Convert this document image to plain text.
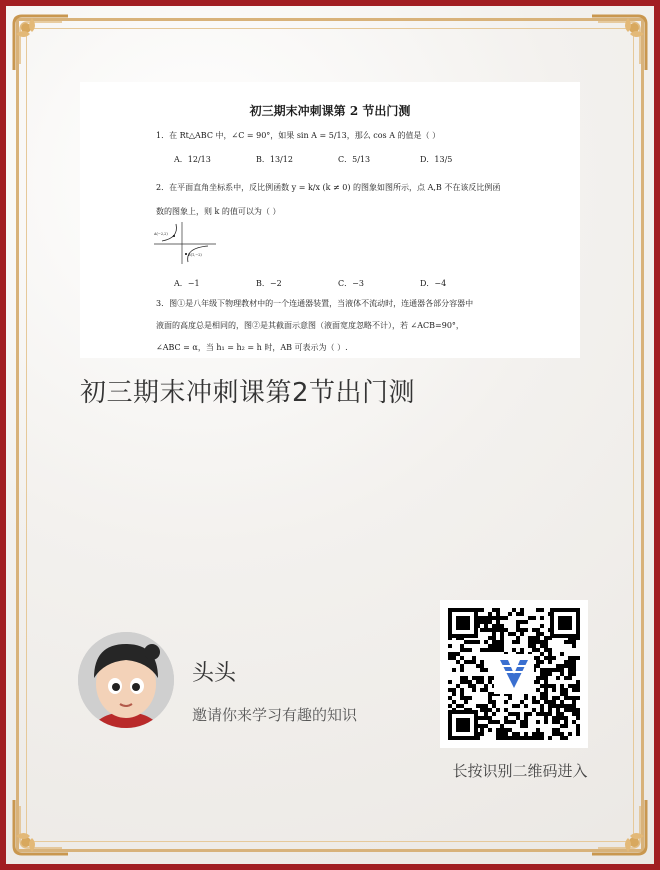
初三期末冲刺课第 2 节出门测
1．在 Rt△ABC 中，∠C = 90°，如果 sin A = 5/13，那么 cos A 的值是（ ）
A．12/13	B．13/12	C．5/13	D．13/5
2．在平面直角坐标系中，反比例函数 y = k/x (k ≠ 0) 的图象如图所示，点 A,B 不在该反比例函
数的图象上，则 k 的值可以为（ ）
A(−2,2)
B(1,−2)
A．−1	B．−2	C．−3	D．−4
3．图①是八年级下物理教材中的一个连通器装置，当液体不流动时，连通器各部分容器中
液面的高度总是相同的，图②是其截面示意图（液面宽度忽略不计），若 ∠ACB=90°，
∠ABC = α，当 h₁ = h₂ = h 时，AB 可表示为（ ）.
初三期末冲刺课第2节出门测
头头
邀请你来学习有趣的知识
长按识别二维码进入
